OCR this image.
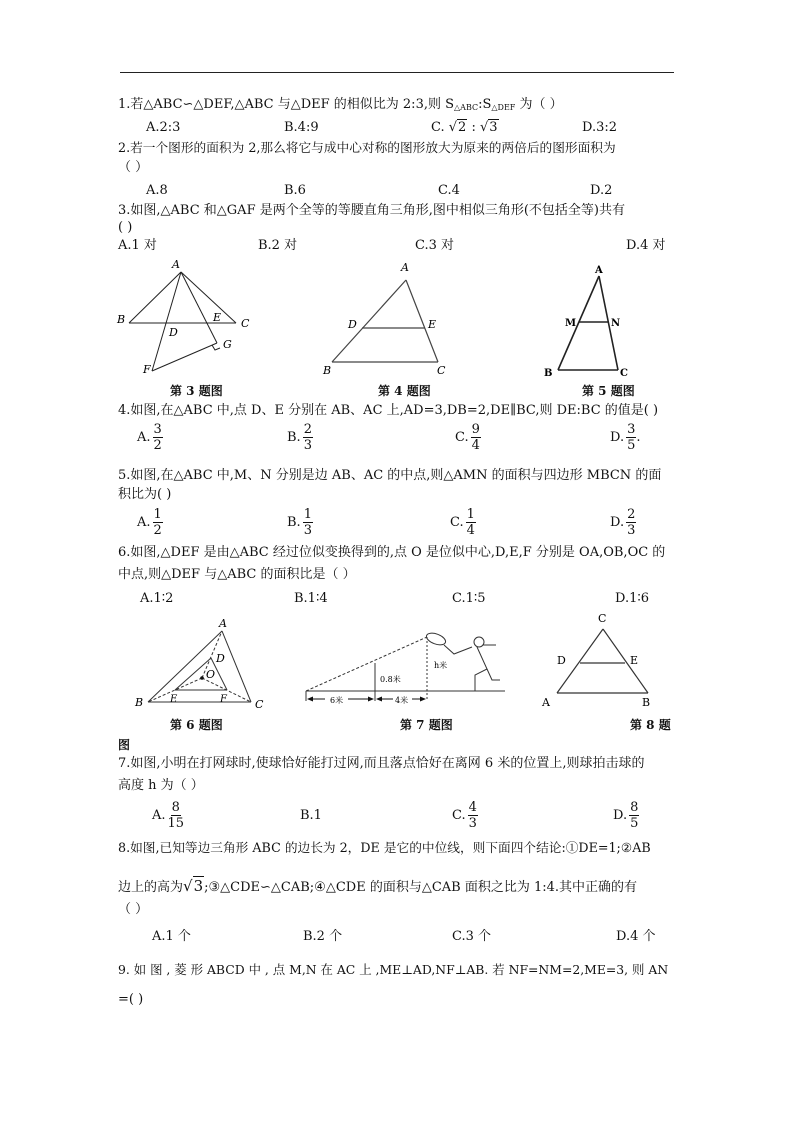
1.若△ABC∽△DEF,△ABC 与△DEF 的相似比为 2:3,则 $S_{\triangle ABC}:S_{\triangle DEF}$ 为（ ）
A.2:3	B.4:9	C. √2 : √3	D.3:2
2.若一个图形的面积为 2,那么将它与成中心对称的图形放大为原来的两倍后的图形面积为
（ ）
A.8	B.6	C.4	D.2
3.如图,△ABC 和△GAF 是两个全等的等腰直角三角形,图中相似三角形(不包括全等)共有
( )
A.1 对	B.2 对	C.3 对	D.4 对
A
B	C
D
E
F
G
第 3 题图
A
B	C
D	E
第 4 题图
A
B	C
M	N
第 5 题图
4.如图,在△ABC 中,点 D、E 分别在 AB、AC 上,AD=3,DB=2,DE∥BC,则 DE:BC 的值是( )
A. $\frac{3}{2}$	B. $\frac{2}{3}$	C. $\frac{9}{4}$	D. $\frac{3}{5}$ .
5.如图,在△ABC 中,M、N 分别是边 AB、AC 的中点,则△AMN 的面积与四边形 MBCN 的面
积比为( )
A. $\frac{1}{2}$	B. $\frac{1}{3}$	C. $\frac{1}{4}$	D. $\frac{2}{3}$
6.如图,△DEF 是由△ABC 经过位似变换得到的,点 O 是位似中心,D,E,F 分别是 OA,OB,OC 的
中点,则△DEF 与△ABC 的面积比是（ ）
A.1∶2	B.1∶4	C.1∶5	D.1∶6
A
B	C
D
E	F
O
第 6 题图
0.8米
h米
6米	4米
第 7 题图
C
D	E
A	B
第 8 题
图
7.如图,小明在打网球时,使球恰好能打过网,而且落点恰好在离网 6 米的位置上,则球拍击球的
高度 h 为（ ）
A. $\frac{8}{15}$	B.1	C. $\frac{4}{3}$	D. $\frac{8}{5}$
8.如图,已知等边三角形 ABC 的边长为 2，DE 是它的中位线，则下面四个结论:①DE=1;②AB
边上的高为√3;③△CDE∽△CAB;④△CDE 的面积与△CAB 面积之比为 1:4.其中正确的有
（ ）
A.1 个	B.2 个	C.3 个	D.4 个
9. 如 图 , 菱 形 ABCD 中 , 点 M,N 在 AC 上 ,ME⊥AD,NF⊥AB. 若 NF=NM=2,ME=3, 则 AN
=( )
